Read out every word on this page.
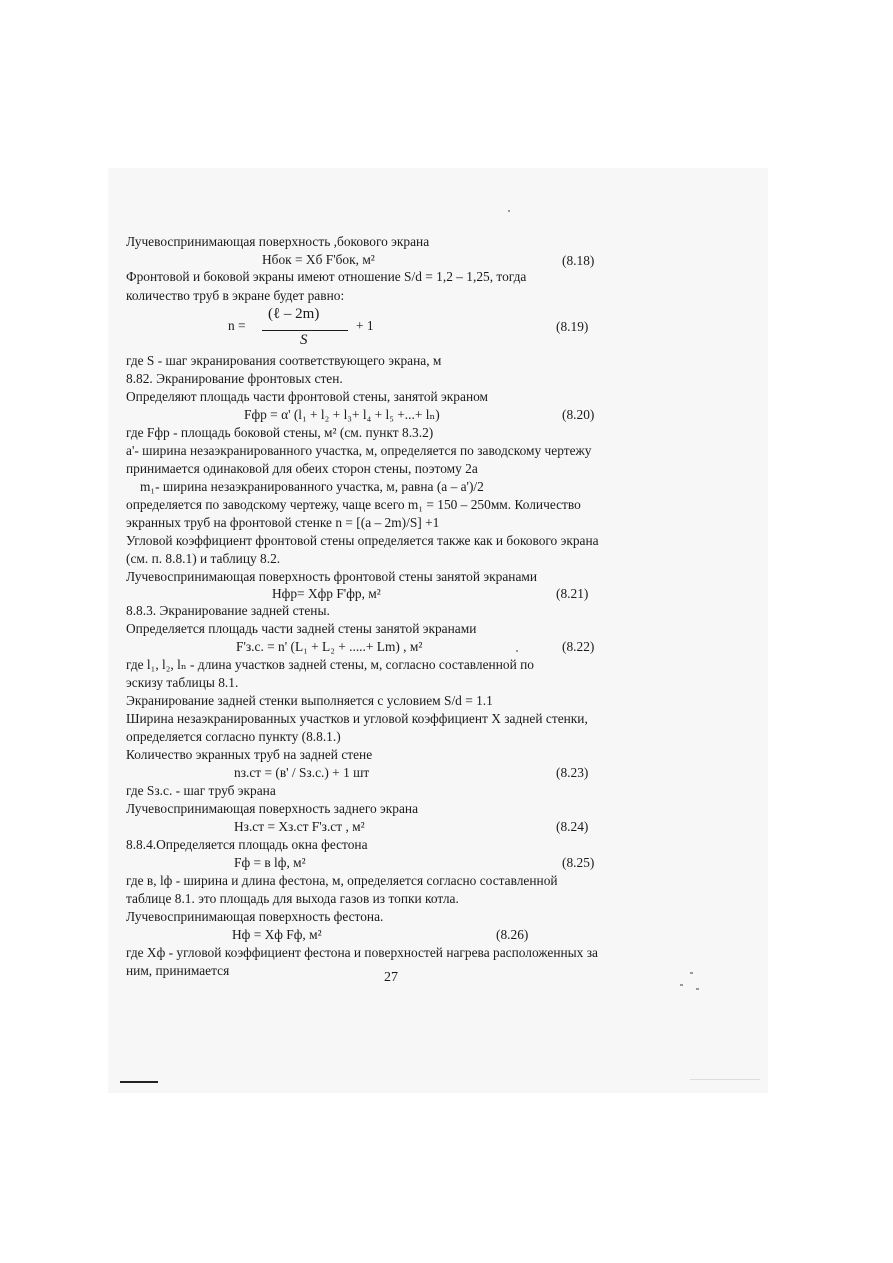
Лучевоспринимающая поверхность ,бокового экрана
Hбок = Xб F'бок, м²	(8.18)
Фронтовой и боковой экраны имеют отношение S/d = 1,2 – 1,25, тогда
количество труб в экране будет равно:
n =
(ℓ – 2m)
S
+ 1	(8.19)
где S - шаг экранирования соответствующего экрана, м
8.82. Экранирование фронтовых стен.
Определяют площадь части фронтовой стены, занятой экраном
Fфр = α' (l₁ + l₂ + l₃+ l₄ + l₅ +...+ lₙ)	(8.20)
где Fфр - площадь боковой стены, м² (см. пункт 8.3.2)
а'- ширина незаэкранированного участка, м, определяется по заводскому чертежу
принимается одинаковой для обеих сторон стены, поэтому 2а
m₁- ширина незаэкранированного участка, м, равна (a – a')/2
определяется по заводскому чертежу, чаще всего m₁ = 150 – 250мм. Количество
экранных труб на фронтовой стенке n = [(a – 2m)/S] +1
Угловой коэффициент фронтовой стены определяется также как и бокового экрана
(см. п. 8.8.1) и таблицу 8.2.
Лучевоспринимающая поверхность фронтовой стены занятой экранами
Hфр= Xфр F'фр, м²	(8.21)
8.8.3. Экранирование задней стены.
Определяется площадь части задней стены занятой экранами
F'з.с. = n' (L₁ + L₂ + .....+ Lm) , м²	(8.22)
где l₁, l₂, lₙ - длина участков задней стены, м, согласно составленной по
эскизу таблицы 8.1.
Экранирование задней стенки выполняется с условием S/d = 1.1
Ширина незаэкранированных участков и угловой коэффициент X задней стенки,
определяется согласно пункту (8.8.1.)
Количество экранных труб на задней стене
nз.ст = (в' / Sз.с.) + 1 шт	(8.23)
где Sз.с. - шаг труб экрана
Лучевоспринимающая поверхность заднего экрана
Нз.ст = Xз.ст F'з.ст , м²	(8.24)
8.8.4.Определяется площадь окна фестона
Fф = в lф, м²	(8.25)
где в, lф - ширина и длина фестона, м, определяется согласно составленной
таблице 8.1. это площадь для выхода газов из топки котла.
Лучевоспринимающая поверхность фестона.
Hф = Xф Fф, м²	(8.26)
где Xф - угловой коэффициент фестона и поверхностей нагрева расположенных за
ним, принимается	27
